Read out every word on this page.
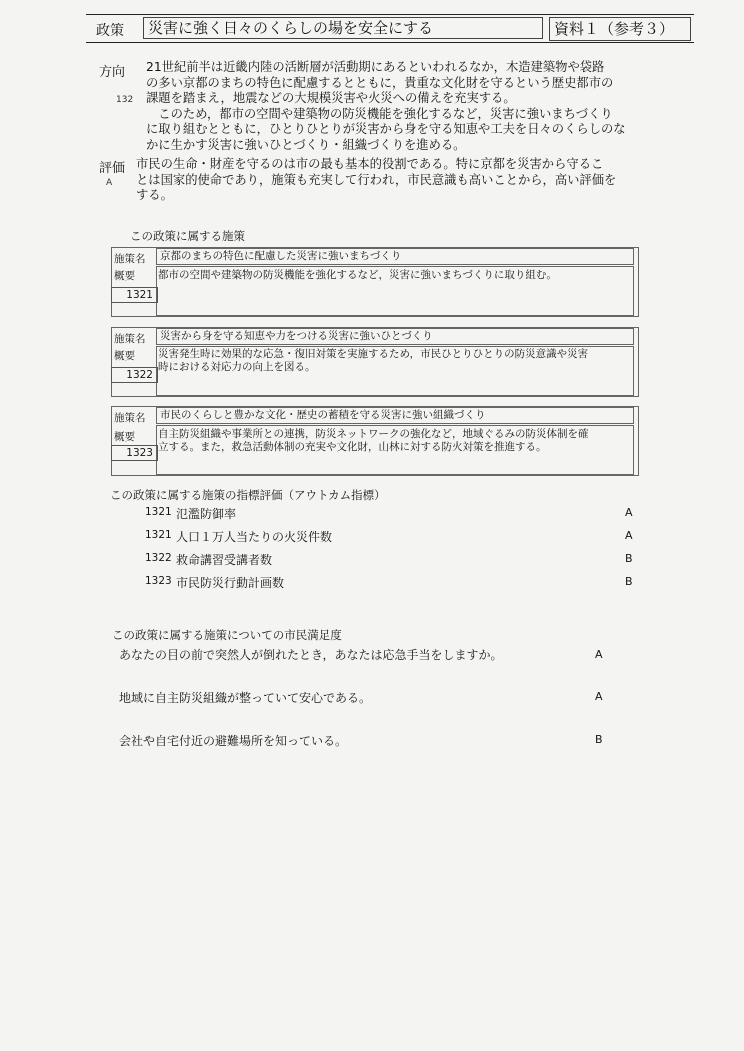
政策	災害に強く日々のくらしの場を安全にする	資料１（参考３）
方向
132
21世紀前半は近畿内陸の活断層が活動期にあるといわれるなか，木造建築物や袋路
の多い京都のまちの特色に配慮するとともに，貴重な文化財を守るという歴史都市の
課題を踏まえ，地震などの大規模災害や火災への備えを充実する。
　このため，都市の空間や建築物の防災機能を強化するなど，災害に強いまちづくり
に取り組むとともに，ひとりひとりが災害から身を守る知恵や工夫を日々のくらしのな
かに生かす災害に強いひとづくり・組織づくりを進める。
評価
A
市民の生命・財産を守るのは市の最も基本的役割である。特に京都を災害から守るこ
とは国家的使命であり，施策も充実して行われ，市民意識も高いことから，高い評価を
する。
この政策に属する施策
施策名 京都のまちの特色に配慮した災害に強いまちづくり
概要 都市の空間や建築物の防災機能を強化するなど，災害に強いまちづくりに取り組む。
1321
施策名 災害から身を守る知恵や力をつける災害に強いひとづくり
概要 災害発生時に効果的な応急・復旧対策を実施するため，市民ひとりひとりの防災意識や災害
時における対応力の向上を図る。
1322
施策名 市民のくらしと豊かな文化・歴史の蓄積を守る災害に強い組織づくり
概要 自主防災組織や事業所との連携，防災ネットワークの強化など，地域ぐるみの防災体制を確
立する。また，救急活動体制の充実や文化財，山林に対する防火対策を推進する。
1323
この政策に属する施策の指標評価（アウトカム指標）
1321 氾濫防御率	A
1321 人口１万人当たりの火災件数	A
1322 救命講習受講者数	B
1323 市民防災行動計画数	B
この政策に属する施策についての市民満足度
あなたの目の前で突然人が倒れたとき，あなたは応急手当をしますか。	A
地域に自主防災組織が整っていて安心である。	A
会社や自宅付近の避難場所を知っている。	B
